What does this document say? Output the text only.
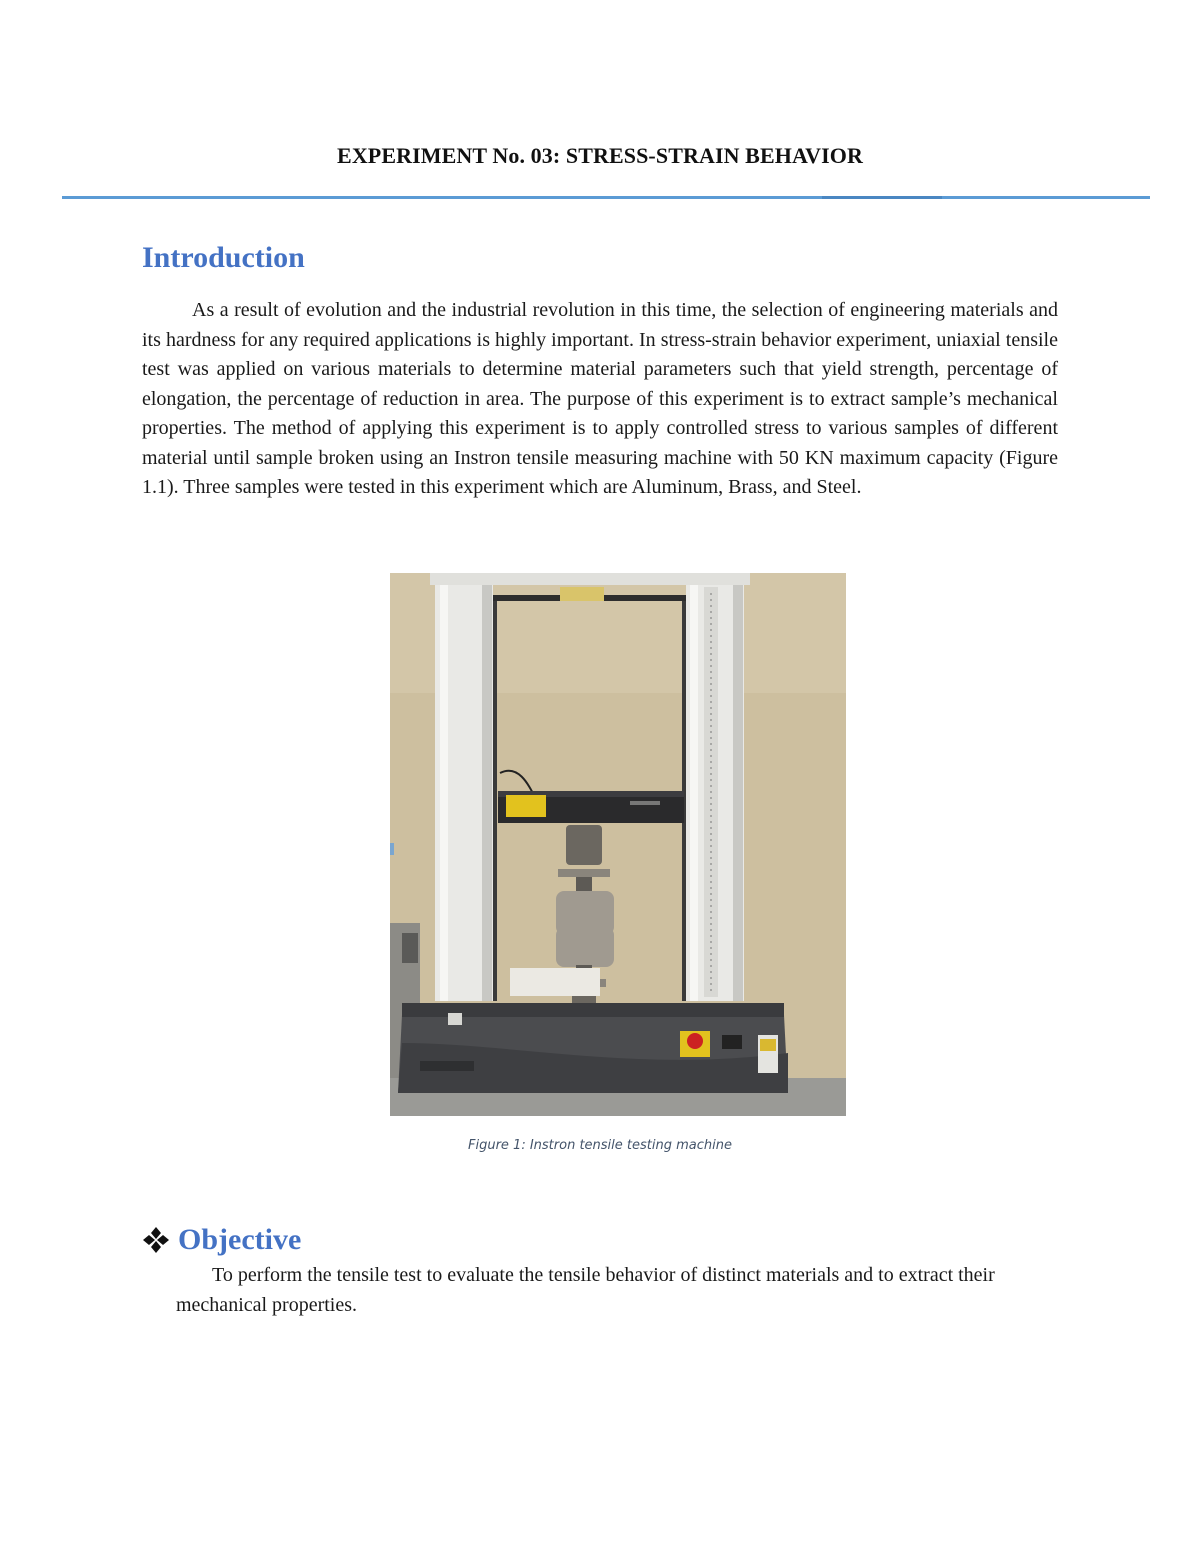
EXPERIMENT No. 03: STRESS-STRAIN BEHAVIOR
Introduction

As a result of evolution and the industrial revolution in this time, the selection of engineering materials and its hardness for any required applications is highly important. In stress-strain behavior experiment, uniaxial tensile test was applied on various materials to determine material parameters such that yield strength, percentage of elongation, the percentage of reduction in area. The purpose of this experiment is to extract sample’s mechanical properties. The method of applying this experiment is to apply controlled stress to various samples of different material until sample broken using an Instron tensile measuring machine with 50 KN maximum capacity (Figure 1.1). Three samples were tested in this experiment which are Aluminum, Brass, and Steel.

Figure 1: Instron tensile testing machine

Objective

To perform the tensile test to evaluate the tensile behavior of distinct materials and to extract their mechanical properties.
